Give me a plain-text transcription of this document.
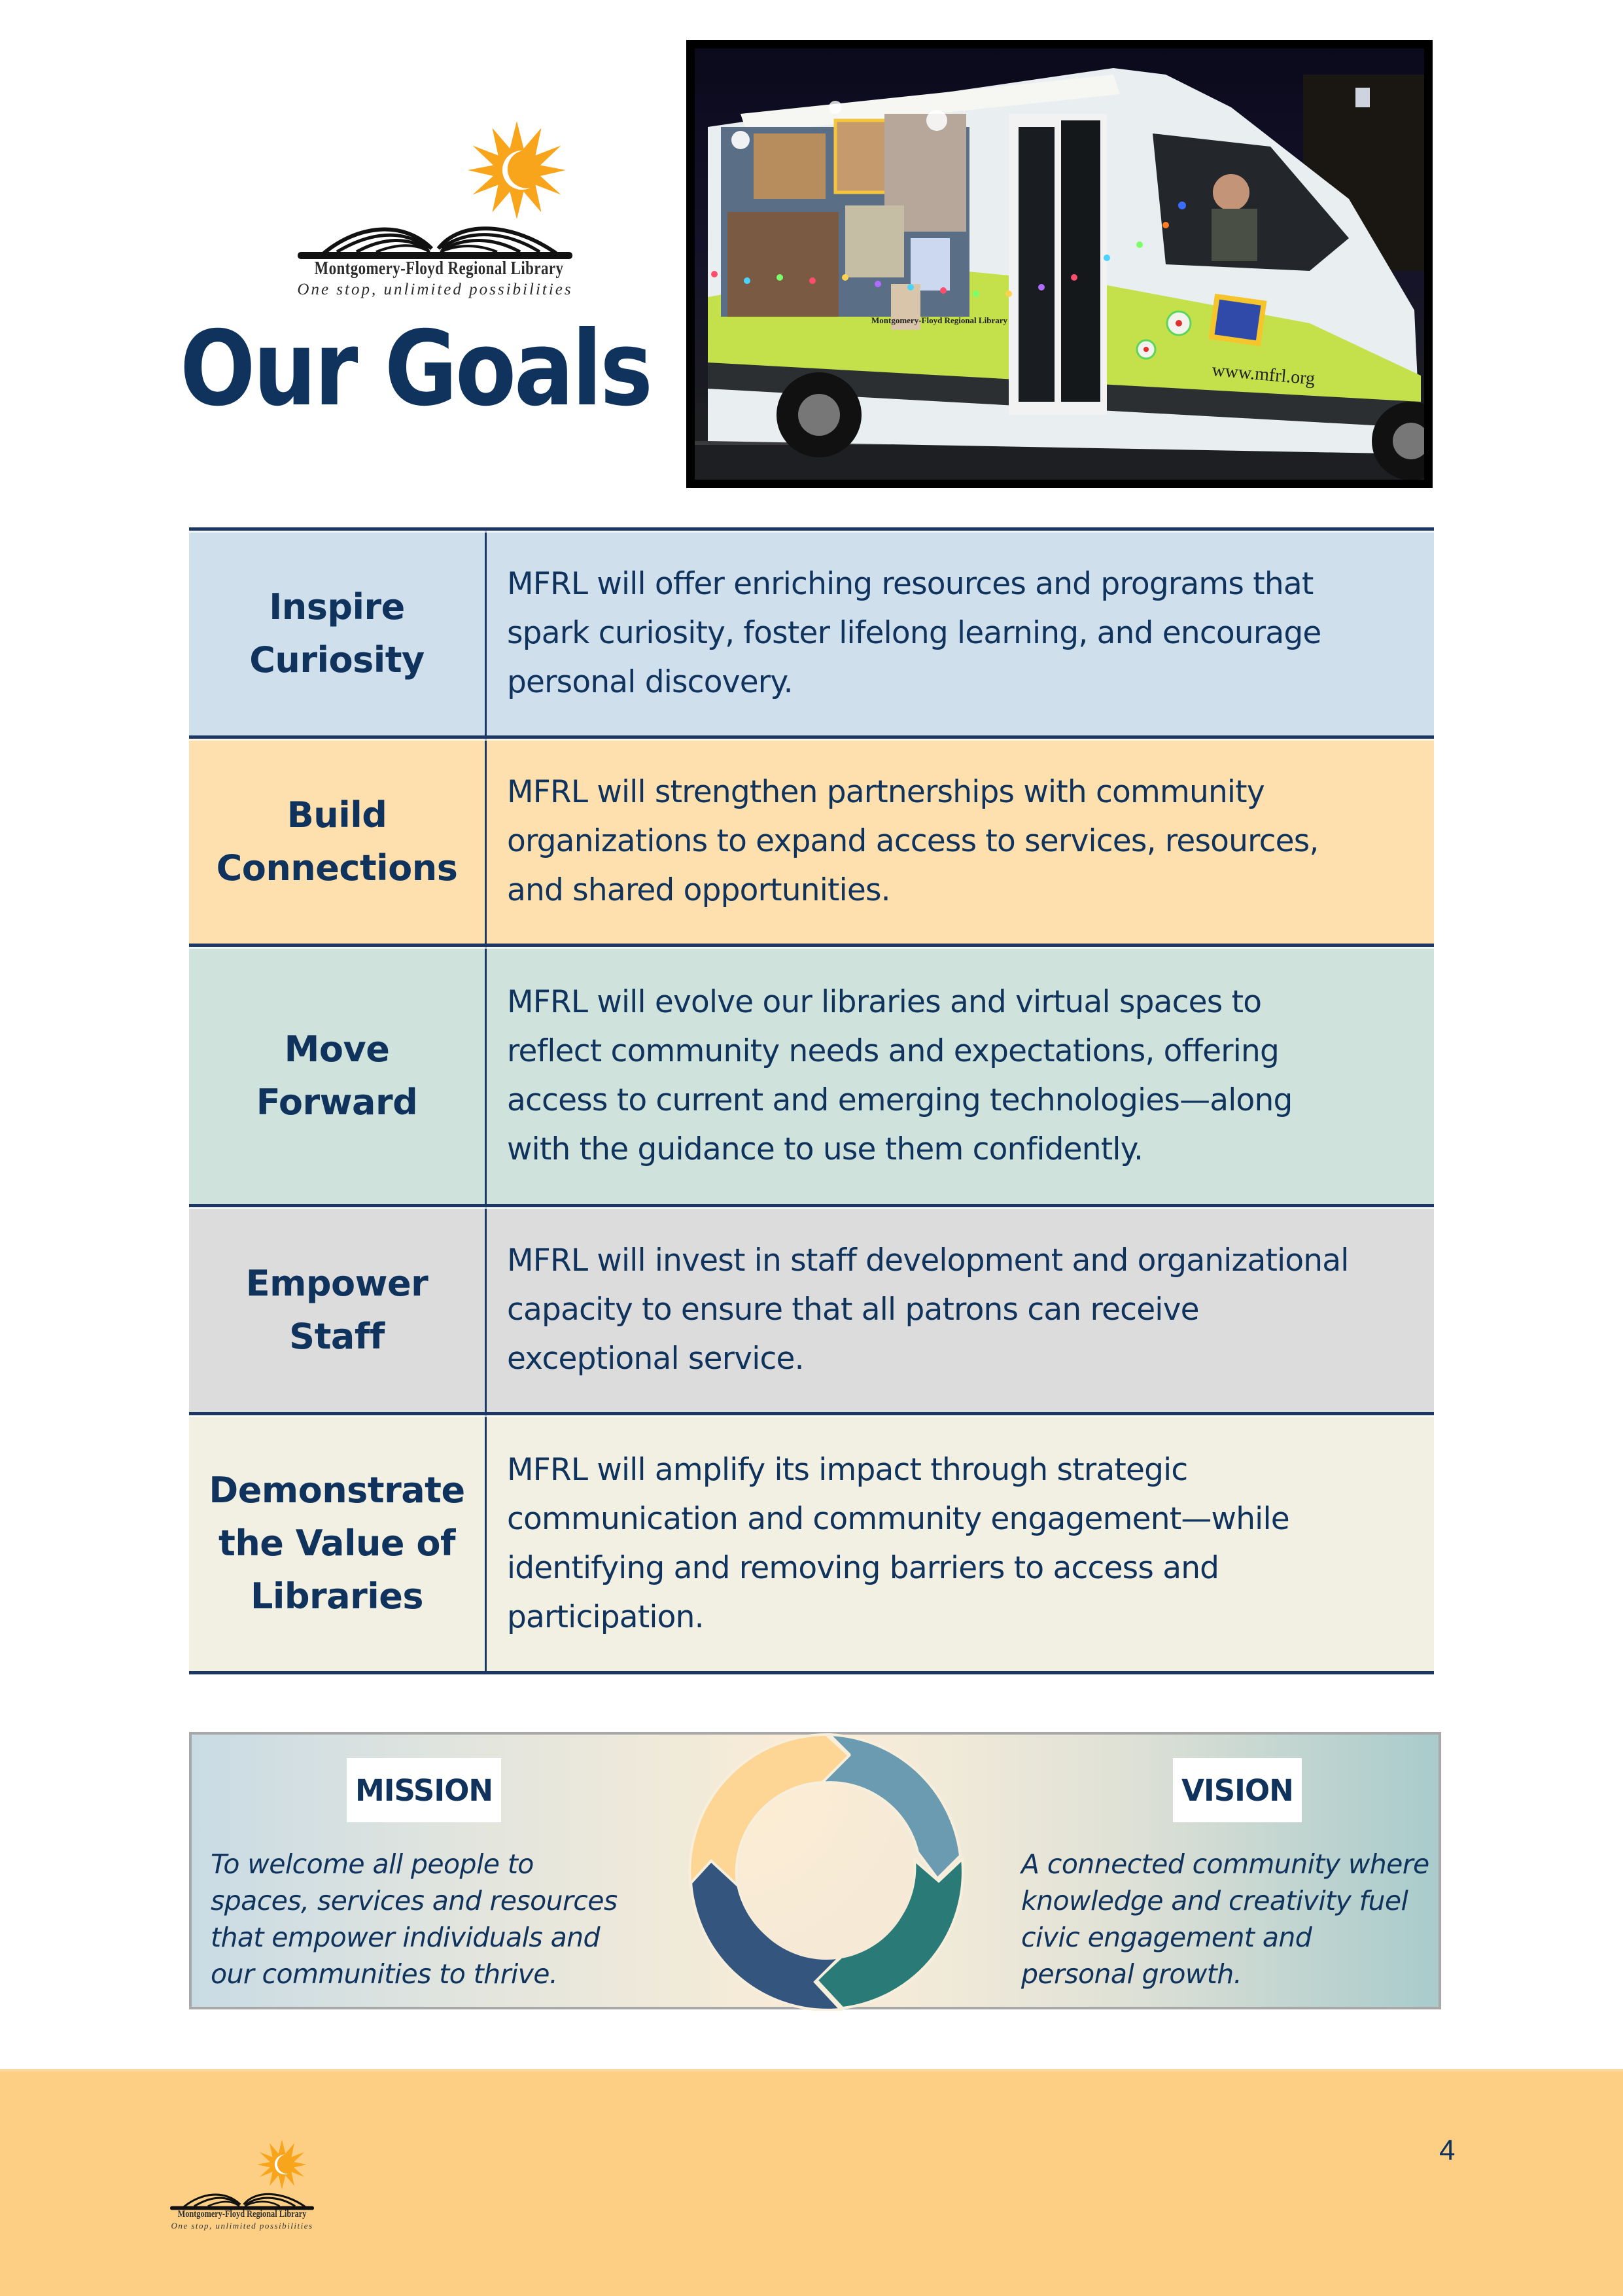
Montgomery-Floyd Regional Library
One stop, unlimited possibilities
Our Goals	Montgomery-Floyd Regional Library
www.mfrl.org
Inspire
Curiosity
MFRL will offer enriching resources and programs that
spark curiosity, foster lifelong learning, and encourage
personal discovery.
Build
Connections
MFRL will strengthen partnerships with community
organizations to expand access to services, resources,
and shared opportunities.
Move
Forward
MFRL will evolve our libraries and virtual spaces to
reflect community needs and expectations, offering
access to current and emerging technologies—along
with the guidance to use them confidently.
Empower
Staff
MFRL will invest in staff development and organizational
capacity to ensure that all patrons can receive
exceptional service.
Demonstrate
the Value of
Libraries
MFRL will amplify its impact through strategic
communication and community engagement—while
identifying and removing barriers to access and
participation.
MISSION
To welcome all people to
spaces, services and resources
that empower individuals and
our communities to thrive.
VISION
A connected community where
knowledge and creativity fuel
civic engagement and
personal growth.
Montgomery-Floyd Regional Library
One stop, unlimited possibilities
4
